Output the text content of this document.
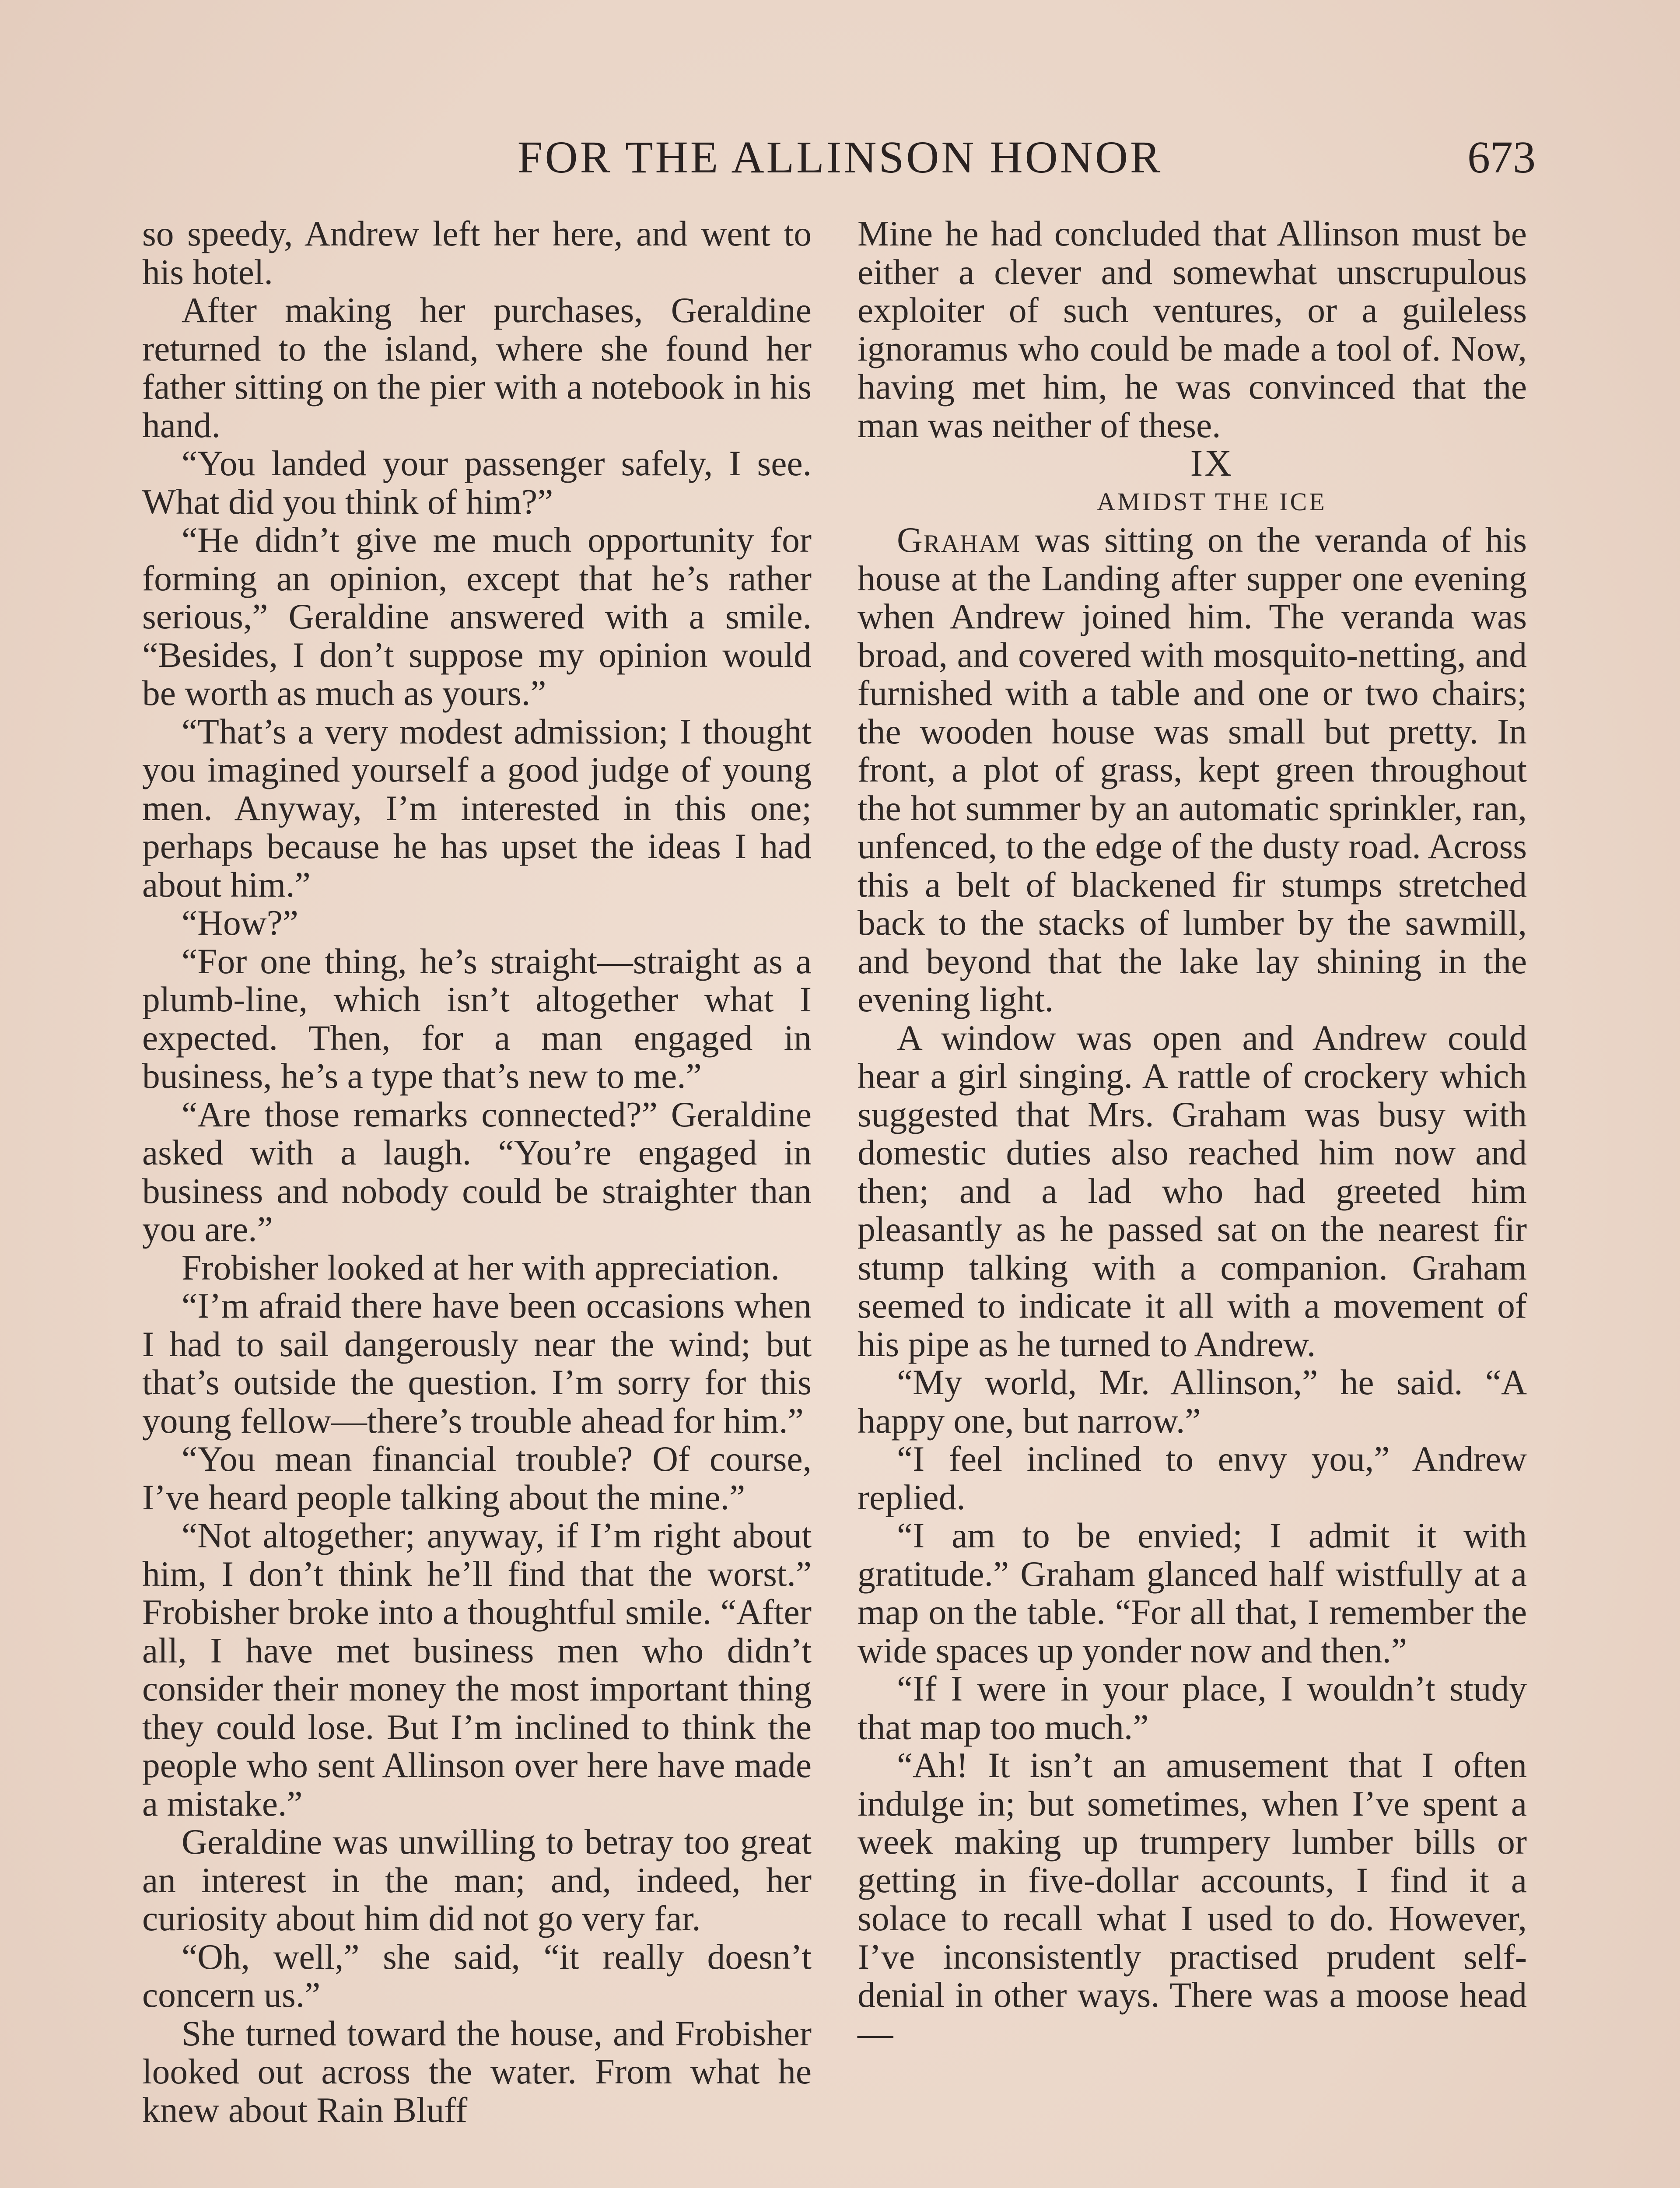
FOR THE ALLINSON HONOR	673

so speedy, Andrew left her here, and went to his hotel.

After making her purchases, Geraldine returned to the island, where she found her father sitting on the pier with a notebook in his hand.

“You landed your passenger safely, I see. What did you think of him?”

“He didn’t give me much opportunity for forming an opinion, except that he’s rather serious,” Geraldine answered with a smile. “Besides, I don’t suppose my opinion would be worth as much as yours.”

“That’s a very modest admission; I thought you imagined yourself a good judge of young men. Anyway, I’m interested in this one; perhaps because he has upset the ideas I had about him.”

“How?”

“For one thing, he’s straight—straight as a plumb-line, which isn’t altogether what I expected. Then, for a man engaged in business, he’s a type that’s new to me.”

“Are those remarks connected?” Geraldine asked with a laugh. “You’re engaged in business and nobody could be straighter than you are.”

Frobisher looked at her with appreciation.

“I’m afraid there have been occasions when I had to sail dangerously near the wind; but that’s outside the question. I’m sorry for this young fellow—there’s trouble ahead for him.”

“You mean financial trouble? Of course, I’ve heard people talking about the mine.”

“Not altogether; anyway, if I’m right about him, I don’t think he’ll find that the worst.” Frobisher broke into a thoughtful smile. “After all, I have met business men who didn’t consider their money the most important thing they could lose. But I’m inclined to think the people who sent Allinson over here have made a mistake.”

Geraldine was unwilling to betray too great an interest in the man; and, indeed, her curiosity about him did not go very far.

“Oh, well,” she said, “it really doesn’t concern us.”

She turned toward the house, and Frobisher looked out across the water. From what he knew about Rain Bluff

Mine he had concluded that Allinson must be either a clever and somewhat unscrupulous exploiter of such ventures, or a guileless ignoramus who could be made a tool of. Now, having met him, he was convinced that the man was neither of these.

IX

AMIDST THE ICE

Graham was sitting on the veranda of his house at the Landing after supper one evening when Andrew joined him. The veranda was broad, and covered with mosquito-netting, and furnished with a table and one or two chairs; the wooden house was small but pretty. In front, a plot of grass, kept green throughout the hot summer by an automatic sprinkler, ran, unfenced, to the edge of the dusty road. Across this a belt of blackened fir stumps stretched back to the stacks of lumber by the sawmill, and beyond that the lake lay shining in the evening light.

A window was open and Andrew could hear a girl singing. A rattle of crockery which suggested that Mrs. Graham was busy with domestic duties also reached him now and then; and a lad who had greeted him pleasantly as he passed sat on the nearest fir stump talking with a companion. Graham seemed to indicate it all with a movement of his pipe as he turned to Andrew.

“My world, Mr. Allinson,” he said. “A happy one, but narrow.”

“I feel inclined to envy you,” Andrew replied.

“I am to be envied; I admit it with gratitude.” Graham glanced half wistfully at a map on the table. “For all that, I remember the wide spaces up yonder now and then.”

“If I were in your place, I wouldn’t study that map too much.”

“Ah! It isn’t an amusement that I often indulge in; but sometimes, when I’ve spent a week making up trumpery lumber bills or getting in five-dollar accounts, I find it a solace to recall what I used to do. However, I’ve inconsistently practised prudent self-denial in other ways. There was a moose head—
